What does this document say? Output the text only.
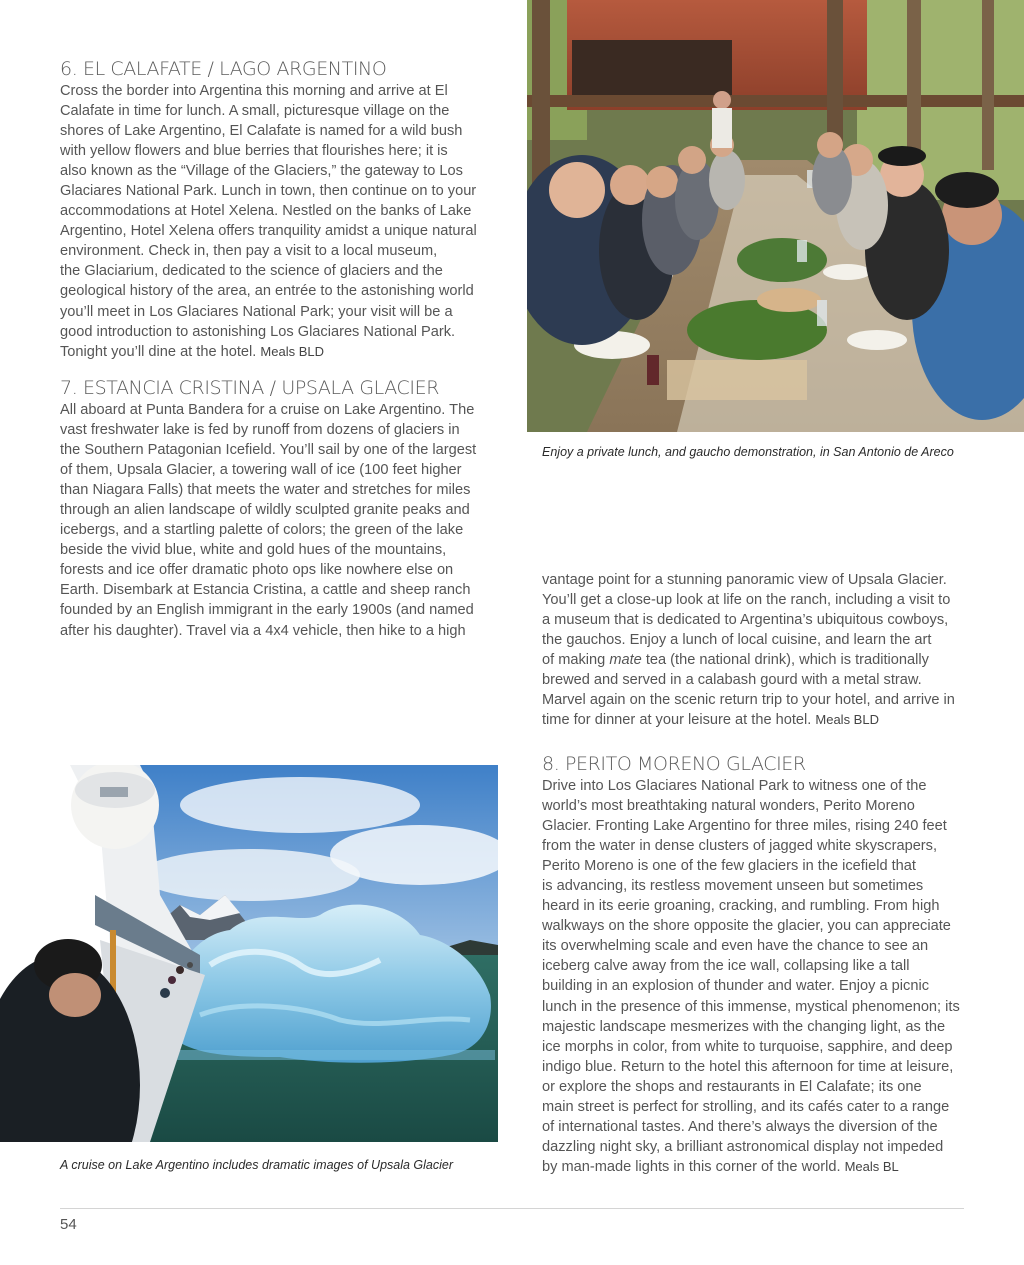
6. EL CALAFATE / LAGO ARGENTINO
Cross the border into Argentina this morning and arrive at El
Calafate in time for lunch. A small, picturesque village on the
shores of Lake Argentino, El Calafate is named for a wild bush
with yellow flowers and blue berries that flourishes here; it is
also known as the “Village of the Glaciers,” the gateway to Los
Glaciares National Park. Lunch in town, then continue on to your
accommodations at Hotel Xelena. Nestled on the banks of Lake
Argentino, Hotel Xelena offers tranquility amidst a unique natural
environment. Check in, then pay a visit to a local museum,
the Glaciarium, dedicated to the science of glaciers and the
geological history of the area, an entrée to the astonishing world
you’ll meet in Los Glaciares National Park; your visit will be a
good introduction to astonishing Los Glaciares National Park.
Tonight you’ll dine at the hotel. Meals BLD
7. ESTANCIA CRISTINA / UPSALA GLACIER
All aboard at Punta Bandera for a cruise on Lake Argentino. The
vast freshwater lake is fed by runoff from dozens of glaciers in
the Southern Patagonian Icefield. You’ll sail by one of the largest
of them, Upsala Glacier, a towering wall of ice (100 feet higher
than Niagara Falls) that meets the water and stretches for miles
through an alien landscape of wildly sculpted granite peaks and
icebergs, and a startling palette of colors; the green of the lake
beside the vivid blue, white and gold hues of the mountains,
forests and ice offer dramatic photo ops like nowhere else on
Earth. Disembark at Estancia Cristina, a cattle and sheep ranch
founded by an English immigrant in the early 1900s (and named
after his daughter). Travel via a 4x4 vehicle, then hike to a high
vantage point for a stunning panoramic view of Upsala Glacier.
You’ll get a close-up look at life on the ranch, including a visit to
a museum that is dedicated to Argentina’s ubiquitous cowboys,
the gauchos. Enjoy a lunch of local cuisine, and learn the art
of making mate tea (the national drink), which is traditionally
brewed and served in a calabash gourd with a metal straw.
Marvel again on the scenic return trip to your hotel, and arrive in
time for dinner at your leisure at the hotel. Meals BLD
8. PERITO MORENO GLACIER
Drive into Los Glaciares National Park to witness one of the
world’s most breathtaking natural wonders, Perito Moreno
Glacier. Fronting Lake Argentino for three miles, rising 240 feet
from the water in dense clusters of jagged white skyscrapers,
Perito Moreno is one of the few glaciers in the icefield that
is advancing, its restless movement unseen but sometimes
heard in its eerie groaning, cracking, and rumbling. From high
walkways on the shore opposite the glacier, you can appreciate
its overwhelming scale and even have the chance to see an
iceberg calve away from the ice wall, collapsing like a tall
building in an explosion of thunder and water. Enjoy a picnic
lunch in the presence of this immense, mystical phenomenon; its
majestic landscape mesmerizes with the changing light, as the
ice morphs in color, from white to turquoise, sapphire, and deep
indigo blue. Return to the hotel this afternoon for time at leisure,
or explore the shops and restaurants in El Calafate; its one
main street is perfect for strolling, and its cafés cater to a range
of international tastes. And there’s always the diversion of the
dazzling night sky, a brilliant astronomical display not impeded
by man-made lights in this corner of the world. Meals BL

Enjoy a private lunch, and gaucho demonstration, in San Antonio de Areco

A cruise on Lake Argentino includes dramatic images of Upsala Glacier

54
